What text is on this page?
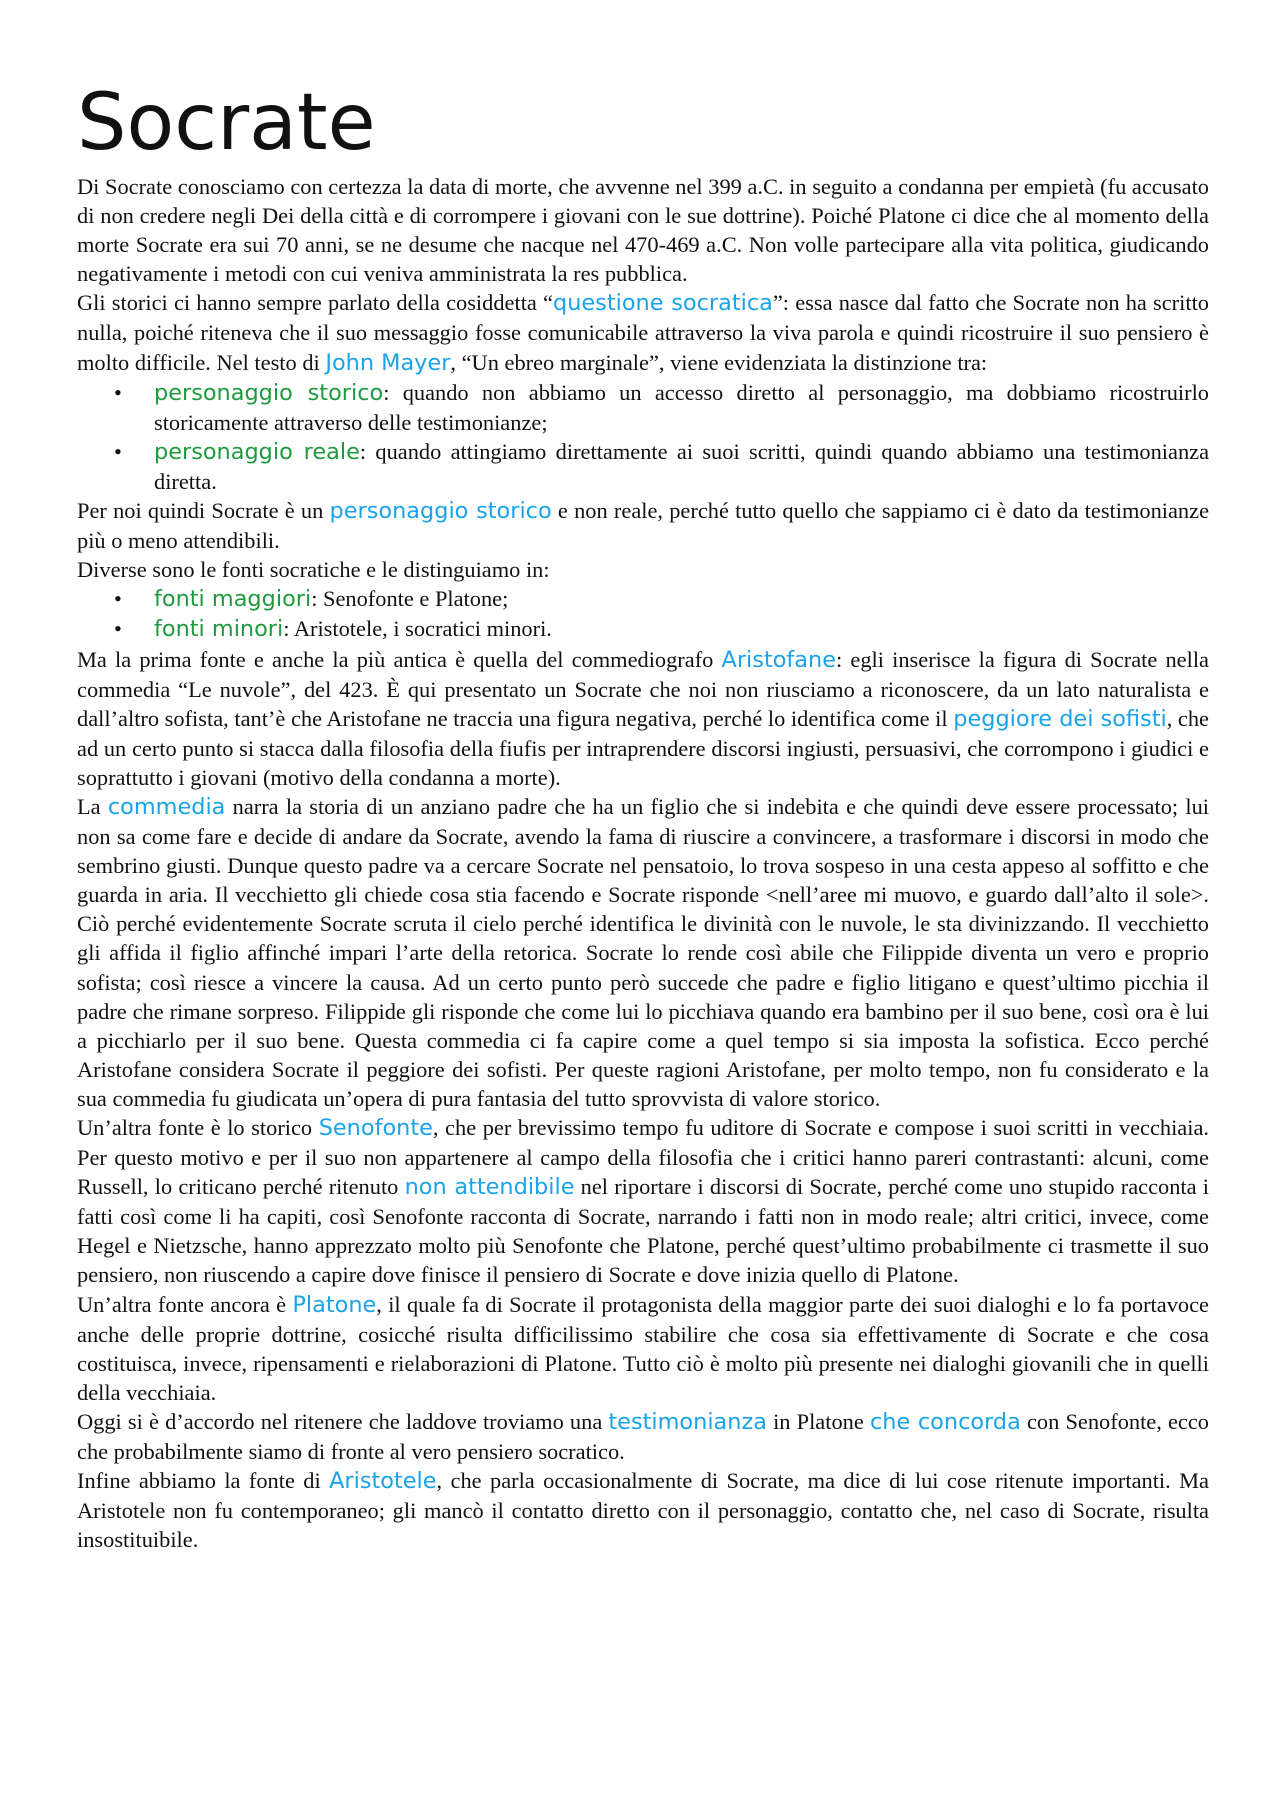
Socrate

Di Socrate conosciamo con certezza la data di morte, che avvenne nel 399 a.C. in seguito a condanna per empietà (fu accusato di non credere negli Dei della città e di corrompere i giovani con le sue dottrine). Poiché Platone ci dice che al momento della morte Socrate era sui 70 anni, se ne desume che nacque nel 470-469 a.C. Non volle partecipare alla vita politica, giudicando negativamente i metodi con cui veniva amministrata la res pubblica.

Gli storici ci hanno sempre parlato della cosiddetta “questione socratica”: essa nasce dal fatto che Socrate non ha scritto nulla, poiché riteneva che il suo messaggio fosse comunicabile attraverso la viva parola e quindi ricostruire il suo pensiero è molto difficile. Nel testo di John Mayer, “Un ebreo marginale”, viene evidenziata la distinzione tra:

• personaggio storico: quando non abbiamo un accesso diretto al personaggio, ma dobbiamo ricostruirlo storicamente attraverso delle testimonianze;
• personaggio reale: quando attingiamo direttamente ai suoi scritti, quindi quando abbiamo una testimonianza diretta.

Per noi quindi Socrate è un personaggio storico e non reale, perché tutto quello che sappiamo ci è dato da testimonianze più o meno attendibili.

Diverse sono le fonti socratiche e le distinguiamo in:

• fonti maggiori: Senofonte e Platone;
• fonti minori: Aristotele, i socratici minori.

Ma la prima fonte e anche la più antica è quella del commediografo Aristofane: egli inserisce la figura di Socrate nella commedia “Le nuvole”, del 423. È qui presentato un Socrate che noi non riusciamo a riconoscere, da un lato naturalista e dall’altro sofista, tant’è che Aristofane ne traccia una figura negativa, perché lo identifica come il peggiore dei sofisti, che ad un certo punto si stacca dalla filosofia della fiufis per intraprendere discorsi ingiusti, persuasivi, che corrompono i giudici e soprattutto i giovani (motivo della condanna a morte).

La commedia narra la storia di un anziano padre che ha un figlio che si indebita e che quindi deve essere processato; lui non sa come fare e decide di andare da Socrate, avendo la fama di riuscire a convincere, a trasformare i discorsi in modo che sembrino giusti. Dunque questo padre va a cercare Socrate nel pensatoio, lo trova sospeso in una cesta appeso al soffitto e che guarda in aria. Il vecchietto gli chiede cosa stia facendo e Socrate risponde <nell’aree mi muovo, e guardo dall’alto il sole>. Ciò perché evidentemente Socrate scruta il cielo perché identifica le divinità con le nuvole, le sta divinizzando. Il vecchietto gli affida il figlio affinché impari l’arte della retorica. Socrate lo rende così abile che Filippide diventa un vero e proprio sofista; così riesce a vincere la causa. Ad un certo punto però succede che padre e figlio litigano e quest’ultimo picchia il padre che rimane sorpreso. Filippide gli risponde che come lui lo picchiava quando era bambino per il suo bene, così ora è lui a picchiarlo per il suo bene. Questa commedia ci fa capire come a quel tempo si sia imposta la sofistica. Ecco perché Aristofane considera Socrate il peggiore dei sofisti. Per queste ragioni Aristofane, per molto tempo, non fu considerato e la sua commedia fu giudicata un’opera di pura fantasia del tutto sprovvista di valore storico.

Un’altra fonte è lo storico Senofonte, che per brevissimo tempo fu uditore di Socrate e compose i suoi scritti in vecchiaia. Per questo motivo e per il suo non appartenere al campo della filosofia che i critici hanno pareri contrastanti: alcuni, come Russell, lo criticano perché ritenuto non attendibile nel riportare i discorsi di Socrate, perché come uno stupido racconta i fatti così come li ha capiti, così Senofonte racconta di Socrate, narrando i fatti non in modo reale; altri critici, invece, come Hegel e Nietzsche, hanno apprezzato molto più Senofonte che Platone, perché quest’ultimo probabilmente ci trasmette il suo pensiero, non riuscendo a capire dove finisce il pensiero di Socrate e dove inizia quello di Platone.

Un’altra fonte ancora è Platone, il quale fa di Socrate il protagonista della maggior parte dei suoi dialoghi e lo fa portavoce anche delle proprie dottrine, cosicché risulta difficilissimo stabilire che cosa sia effettivamente di Socrate e che cosa costituisca, invece, ripensamenti e rielaborazioni di Platone. Tutto ciò è molto più presente nei dialoghi giovanili che in quelli della vecchiaia.

Oggi si è d’accordo nel ritenere che laddove troviamo una testimonianza in Platone che concorda con Senofonte, ecco che probabilmente siamo di fronte al vero pensiero socratico.

Infine abbiamo la fonte di Aristotele, che parla occasionalmente di Socrate, ma dice di lui cose ritenute importanti. Ma Aristotele non fu contemporaneo; gli mancò il contatto diretto con il personaggio, contatto che, nel caso di Socrate, risulta insostituibile.
